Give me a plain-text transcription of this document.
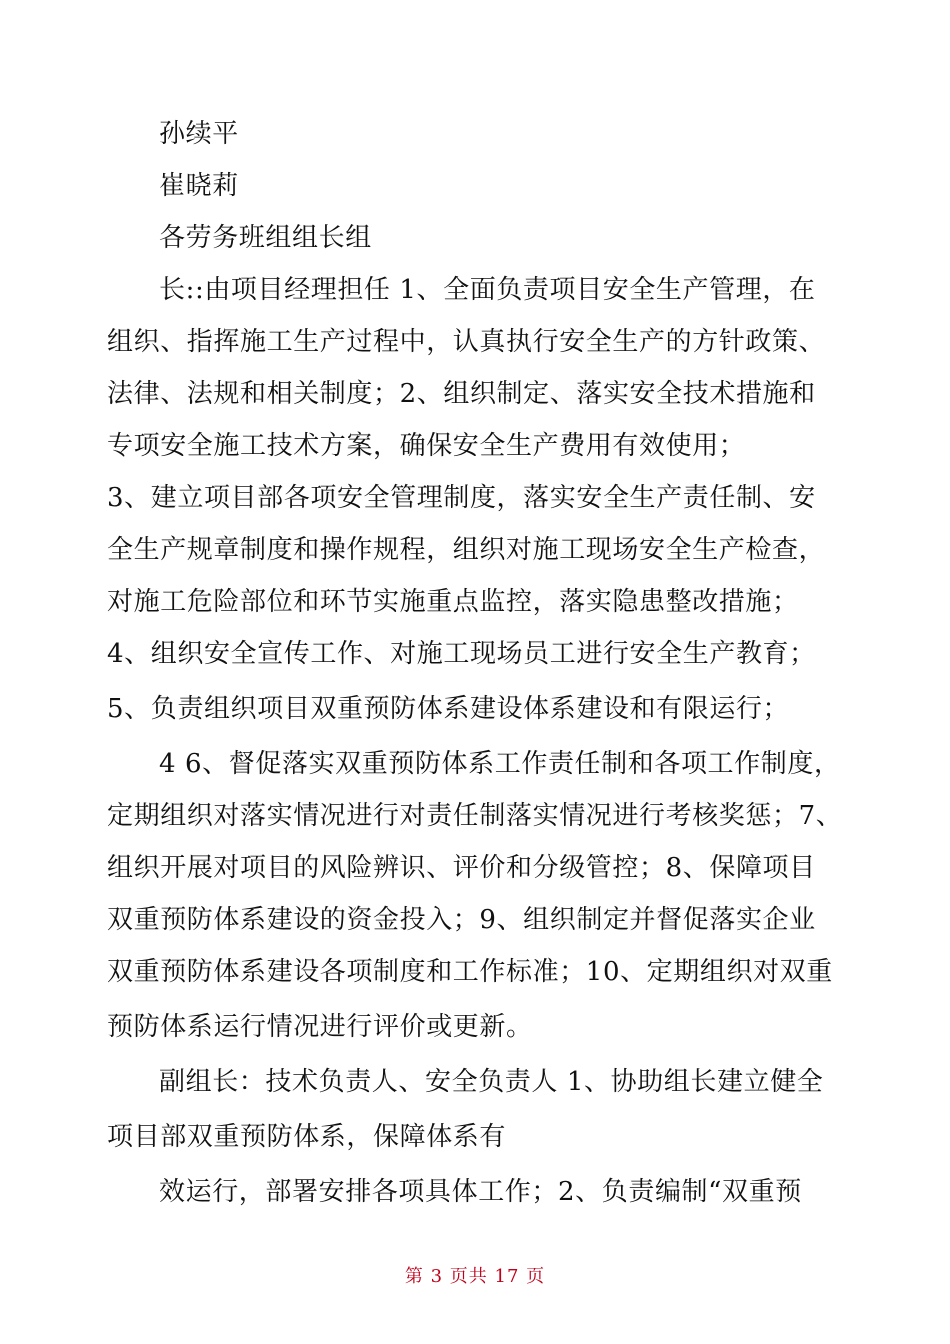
孙续平
崔晓莉
各劳务班组组长组
长::由项目经理担任 1、全面负责项目安全生产管理，在
组织、指挥施工生产过程中，认真执行安全生产的方针政策、
法律、法规和相关制度；2、组织制定、落实安全技术措施和
专项安全施工技术方案，确保安全生产费用有效使用；
3、建立项目部各项安全管理制度，落实安全生产责任制、安
全生产规章制度和操作规程，组织对施工现场安全生产检查，
对施工危险部位和环节实施重点监控，落实隐患整改措施；
4、组织安全宣传工作、对施工现场员工进行安全生产教育；
5、负责组织项目双重预防体系建设体系建设和有限运行；
4 6、督促落实双重预防体系工作责任制和各项工作制度，
定期组织对落实情况进行对责任制落实情况进行考核奖惩；7、
组织开展对项目的风险辨识、评价和分级管控；8、保障项目
双重预防体系建设的资金投入；9、组织制定并督促落实企业
双重预防体系建设各项制度和工作标准；10、定期组织对双重
预防体系运行情况进行评价或更新。
副组长：技术负责人、安全负责人 1、协助组长建立健全
项目部双重预防体系，保障体系有
效运行，部署安排各项具体工作；2、负责编制“双重预
第 3 页共 17 页
